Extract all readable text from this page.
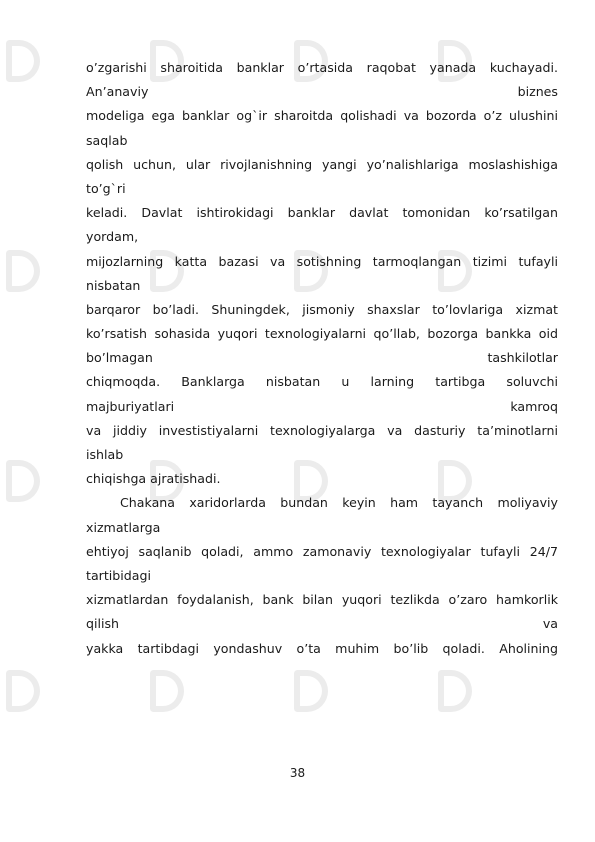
o’zgarishi sharoitida banklar o’rtasida raqobat yanada kuchayadi.
An’anaviy biznes
modeliga ega banklar og`ir sharoitda qolishadi va bozorda o’z ulushini
saqlab
qolish uchun, ular rivojlanishning yangi yo’nalishlariga moslashishiga
to’g`ri
keladi. Davlat ishtirokidagi banklar davlat tomonidan ko’rsatilgan
yordam,
mijozlarning katta bazasi va sotishning tarmoqlangan tizimi tufayli
nisbatan
barqaror bo’ladi. Shuningdek, jismoniy shaxslar to’lovlariga xizmat
ko’rsatish sohasida yuqori texnologiyalarni qo’llab, bozorga bankka oid
bo’lmagan tashkilotlar
chiqmoqda. Banklarga nisbatan u larning tartibga soluvchi
majburiyatlari kamroq
va jiddiy investistiyalarni texnologiyalarga va dasturiy ta’minotlarni
ishlab
chiqishga ajratishadi.
Chakana xaridorlarda bundan keyin ham tayanch moliyaviy
xizmatlarga
ehtiyoj saqlanib qoladi, ammo zamonaviy texnologiyalar tufayli 24/7
tartibidagi
xizmatlardan foydalanish, bank bilan yuqori tezlikda o’zaro hamkorlik
qilish va
yakka tartibdagi yondashuv o’ta muhim bo’lib qoladi. Aholining
38
